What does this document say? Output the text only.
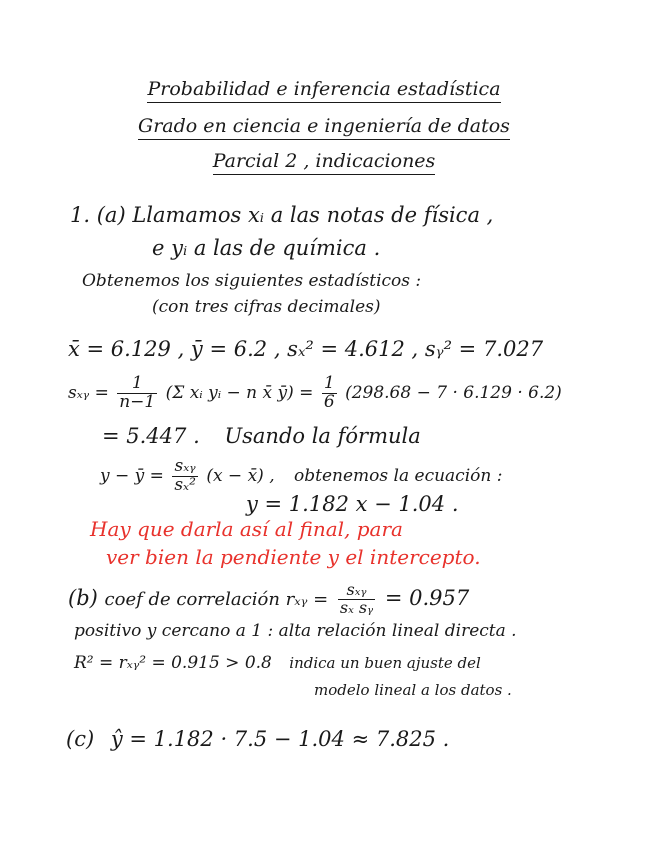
Probabilidad e inferencia estadística
Grado en ciencia e ingeniería de datos
Parcial 2 , indicaciones
1. (a) Llamamos xᵢ a las notas de física ,
e yᵢ a las de química .
Obtenemos los siguientes estadísticos :
(con tres cifras decimales)
x̄ = 6.129 , ȳ = 6.2 , sₓ² = 4.612 , sᵧ² = 7.027
sₓᵧ = $\frac{1}{n-1} (\Sigma$ xᵢ yᵢ − n x̄ ȳ) = $\frac{1}{6} (298.68 - 7 \cdot 6.129 \cdot 6.2)$
= 5.447 . Usando la fórmula
y − ȳ = $\frac{\text{sₓᵧ}}{\text{sₓ²}} (x$ − x̄) , obtenemos la ecuación :
y = 1.182 x − 1.04 .
Hay que darla así al final, para
ver bien la pendiente y el intercepto.
(b) coef de correlación rₓᵧ = $\frac{\text{sₓᵧ}}{\text{sₓ sᵧ}} = 0.957$
positivo y cercano a 1 : alta relación lineal directa .
R² = rₓᵧ² = 0.915 > 0.8 indica un buen ajuste del
modelo lineal a los datos .
(c) ŷ = 1.182 · 7.5 − 1.04 ≈ 7.825 .
